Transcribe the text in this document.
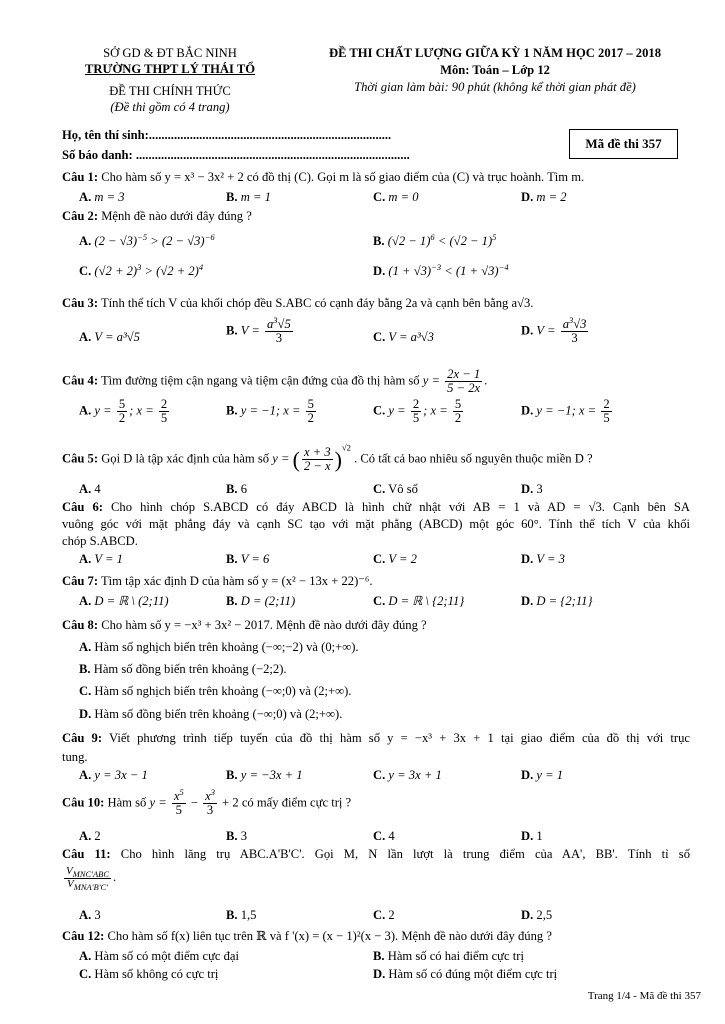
SỞ GD & ĐT BẮC NINH
TRƯỜNG THPT LÝ THÁI TỔ
ĐỀ THI CHÍNH THỨC
(Đề thi gồm có 4 trang)
ĐỀ THI CHẤT LƯỢNG GIỮA KỲ 1 NĂM HỌC 2017 – 2018
Môn: Toán – Lớp 12
Thời gian làm bài: 90 phút (không kể thời gian phát đề)
Họ, tên thí sinh:.............................................................................
Số báo danh: .......................................................................................
Mã đề thi 357
Câu 1: Cho hàm số y = x³ − 3x² + 2 có đồ thị (C). Gọi m là số giao điểm của (C) và trục hoành. Tìm m.
A. m = 3	B. m = 1	C. m = 0	D. m = 2
Câu 2: Mệnh đề nào dưới đây đúng ?
A. $(2 - √3)^{-5} > (2 - √3)^{-6}$	B. $(√2 - 1)^6 < (√2 - 1)^5$
C. $(√2 + 2)^3 > (√2 + 2)^4$	D. $(1 + √3)^{-3} < (1 + √3)^{-4}$
Câu 3: Tính thể tích V của khối chóp đều S.ABC có cạnh đáy bằng 2a và cạnh bên bằng a√3.
A. V = a³√5	B. $V = \frac{a^3√5}{3}$	C. V = a³√3	D. $V = \frac{a^3√3}{3}$
Câu 4: Tìm đường tiệm cận ngang và tiệm cận đứng của đồ thị hàm số $y = \frac{2x - 1}{5 - 2x}$ .
A. $y = \frac{5}{2}$ ; $x = \frac{2}{5}$	B. y = −1; $x = \frac{5}{2}$	C. $y = \frac{2}{5}$ ; $x = \frac{5}{2}$	D. y = −1; $x = \frac{2}{5}$
Câu 5: Gọi D là tập xác định của hàm số y = ( $\frac{x + 3}{2 - x} )^{√2}$ . Có tất cả bao nhiêu số nguyên thuộc miền D ?
A. 4	B. 6	C. Vô số	D. 3
Câu 6: Cho hình chóp S.ABCD có đáy ABCD là hình chữ nhật với AB = 1 và AD = √3. Cạnh bên SA
vuông góc với mặt phẳng đáy và cạnh SC tạo với mặt phẳng (ABCD) một góc 60°. Tính thể tích V của khối
chóp S.ABCD.
A. V = 1	B. V = 6	C. V = 2	D. V = 3
Câu 7: Tìm tập xác định D của hàm số y = (x² − 13x + 22)⁻⁶.
A. D = ℝ \ (2;11)	B. D = (2;11)	C. D = ℝ \ {2;11}	D. D = {2;11}
Câu 8: Cho hàm số y = −x³ + 3x² − 2017. Mệnh đề nào dưới đây đúng ?
A. Hàm số nghịch biến trên khoảng (−∞;−2) và (0;+∞).
B. Hàm số đồng biến trên khoảng (−2;2).
C. Hàm số nghịch biến trên khoảng (−∞;0) và (2;+∞).
D. Hàm số đồng biến trên khoảng (−∞;0) và (2;+∞).
Câu 9: Viết phương trình tiếp tuyến của đồ thị hàm số y = −x³ + 3x + 1 tại giao điểm của đồ thị với trục
tung.
A. y = 3x − 1	B. y = −3x + 1	C. y = 3x + 1	D. y = 1
Câu 10: Hàm số $y = \frac{x^5}{5} - \frac{x^3}{3} + 2$ có mấy điểm cực trị ?
A. 2	B. 3	C. 4	D. 1
Câu 11: Cho hình lăng trụ ABC.A'B'C'. Gọi M, N lần lượt là trung điểm của AA', BB'. Tính tỉ số
$\frac{V_{MNC'ABC}}{V_{MNA'B'C'}}$ .
A. 3	B. 1,5	C. 2	D. 2,5
Câu 12: Cho hàm số f(x) liên tục trên ℝ và f '(x) = (x − 1)²(x − 3). Mệnh đề nào dưới đây đúng ?
A. Hàm số có một điểm cực đại	B. Hàm số có hai điểm cực trị
C. Hàm số không có cực trị	D. Hàm số có đúng một điểm cực trị
Trang 1/4 - Mã đề thi 357
